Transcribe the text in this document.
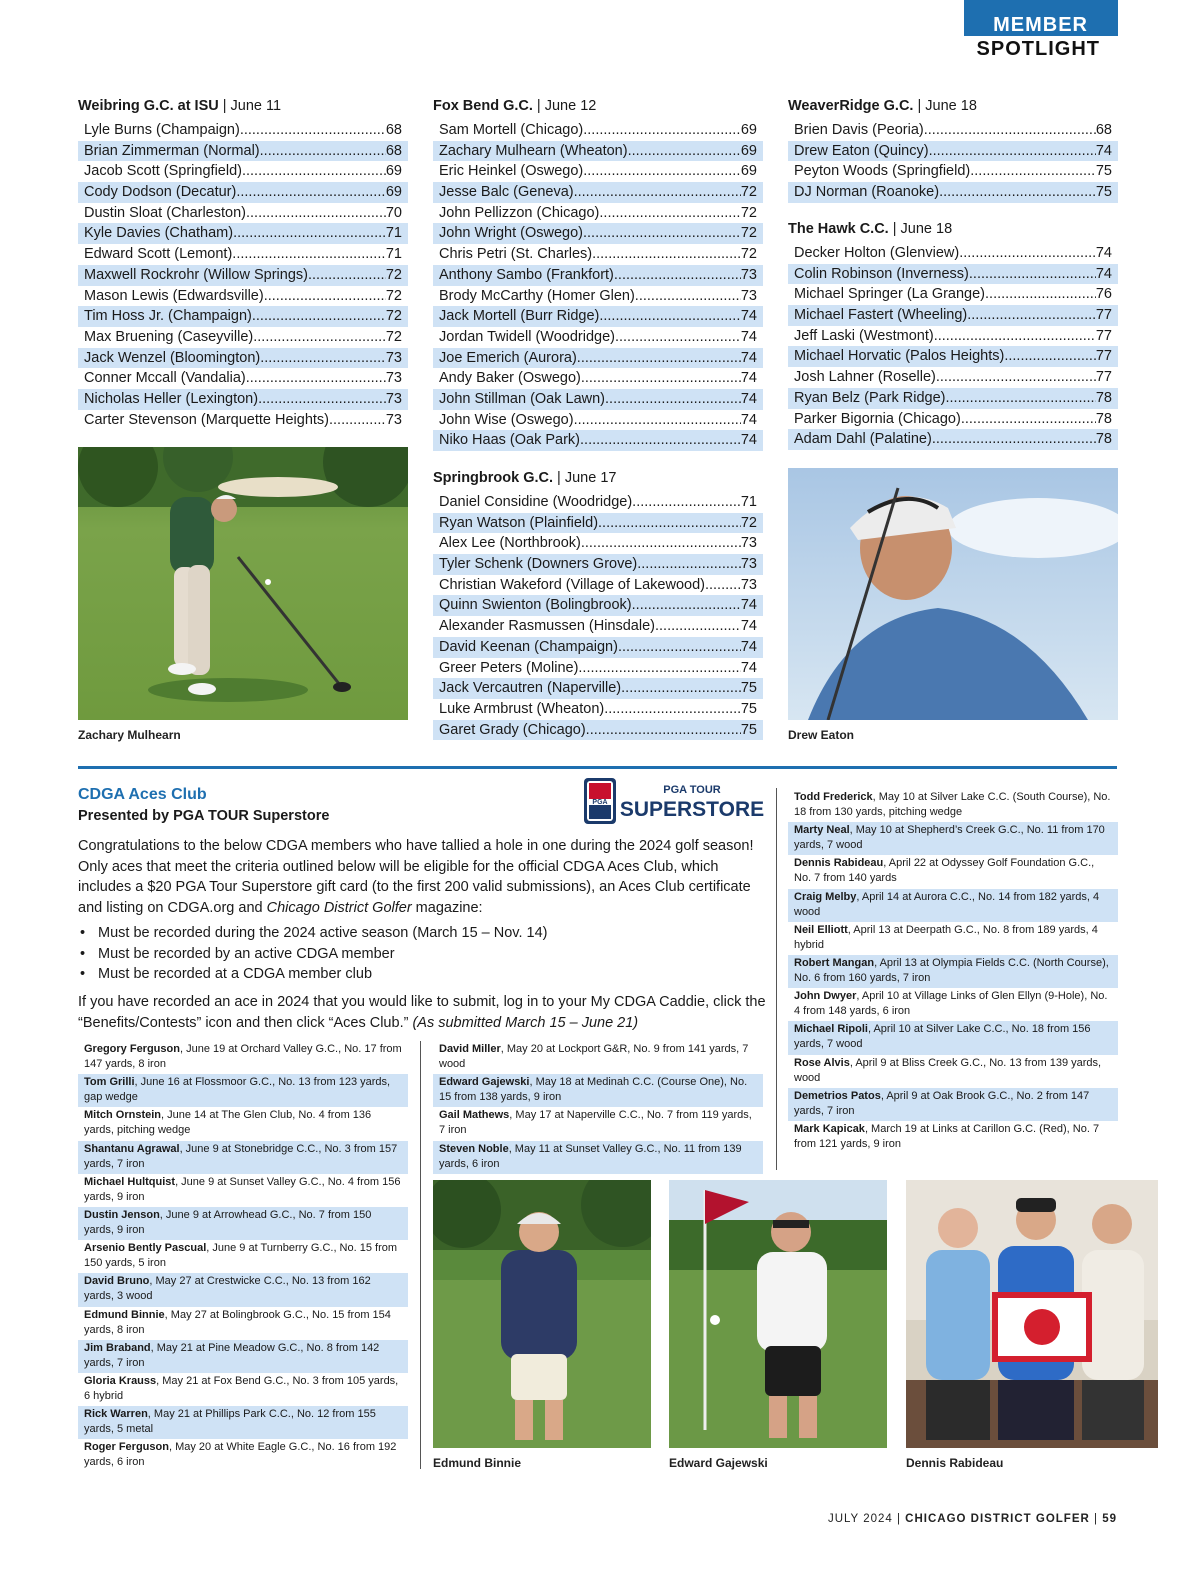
MEMBER
SPOTLIGHT
Weibring G.C. at ISU | June 11
Lyle Burns (Champaign) .....	68
Brian Zimmerman (Normal) .....	68
Jacob Scott (Springfield) .....	69
Cody Dodson (Decatur) .....	69
Dustin Sloat (Charleston) .....	70
Kyle Davies (Chatham) .....	71
Edward Scott (Lemont) .....	71
Maxwell Rockrohr (Willow Springs) .....	72
Mason Lewis (Edwardsville) .....	72
Tim Hoss Jr. (Champaign) .....	72
Max Bruening (Caseyville) .....	72
Jack Wenzel (Bloomington) .....	73
Conner Mccall (Vandalia) .....	73
Nicholas Heller (Lexington) .....	73
Carter Stevenson (Marquette Heights) .....	73
Fox Bend G.C. | June 12
Sam Mortell (Chicago) .....	69
Zachary Mulhearn (Wheaton) .....	69
Eric Heinkel (Oswego) .....	69
Jesse Balc (Geneva) .....	72
John Pellizzon (Chicago) .....	72
John Wright (Oswego) .....	72
Chris Petri (St. Charles) .....	72
Anthony Sambo (Frankfort) .....	73
Brody McCarthy (Homer Glen) .....	73
Jack Mortell (Burr Ridge) .....	74
Jordan Twidell (Woodridge) .....	74
Joe Emerich (Aurora) .....	74
Andy Baker (Oswego) .....	74
John Stillman (Oak Lawn) .....	74
John Wise (Oswego) .....	74
Niko Haas (Oak Park) .....	74
Springbrook G.C. | June 17
Daniel Considine (Woodridge) .....	71
Ryan Watson (Plainfield) .....	72
Alex Lee (Northbrook) .....	73
Tyler Schenk (Downers Grove) .....	73
Christian Wakeford (Village of Lakewood) ..... 73
Quinn Swienton (Bolingbrook) .....	74
Alexander Rasmussen (Hinsdale) .....	74
David Keenan (Champaign) .....	74
Greer Peters (Moline) .....	74
Jack Vercautren (Naperville) .....	75
Luke Armbrust (Wheaton) .....	75
Garet Grady (Chicago) .....	75
WeaverRidge G.C. | June 18
Brien Davis (Peoria) .....	68
Drew Eaton (Quincy) .....	74
Peyton Woods (Springfield) .....	75
DJ Norman (Roanoke) .....	75
The Hawk C.C. | June 18
Decker Holton (Glenview) .....	74
Colin Robinson (Inverness) .....	74
Michael Springer (La Grange) .....	76
Michael Fastert (Wheeling) .....	77
Jeff Laski (Westmont) .....	77
Michael Horvatic (Palos Heights) .....	77
Josh Lahner (Roselle) .....	77
Ryan Belz (Park Ridge) .....	78
Parker Bigornia (Chicago) .....	78
Adam Dahl (Palatine) .....	78
Zachary Mulhearn	Drew Eaton
CDGA Aces Club
Presented by PGA TOUR Superstore
PGA
PGA TOUR
SUPERSTORE
Congratulations to the below CDGA members who have tallied a hole in one during the 2024 golf season! Only aces that meet the criteria outlined below will be eligible for the official CDGA Aces Club, which includes a $20 PGA Tour Superstore gift card (to the first 200 valid submissions), an Aces Club certificate and listing on CDGA.org and Chicago District Golfer magazine:
• Must be recorded during the 2024 active season (March 15 – Nov. 14)
• Must be recorded by an active CDGA member
• Must be recorded at a CDGA member club
If you have recorded an ace in 2024 that you would like to submit, log in to your My CDGA Caddie, click the “Benefits/Contests” icon and then click “Aces Club.” (As submitted March 15 – June 21)
Gregory Ferguson, June 19 at Orchard Valley G.C., No. 17 from 147 yards, 8 iron
Tom Grilli, June 16 at Flossmoor G.C., No. 13 from 123 yards, gap wedge
Mitch Ornstein, June 14 at The Glen Club, No. 4 from 136 yards, pitching wedge
Shantanu Agrawal, June 9 at Stonebridge C.C., No. 3 from 157 yards, 7 iron
Michael Hultquist, June 9 at Sunset Valley G.C., No. 4 from 156 yards, 9 iron
Dustin Jenson, June 9 at Arrowhead G.C., No. 7 from 150 yards, 9 iron
Arsenio Bently Pascual, June 9 at Turnberry G.C., No. 15 from 150 yards, 5 iron
David Bruno, May 27 at Crestwicke C.C., No. 13 from 162 yards, 3 wood
Edmund Binnie, May 27 at Bolingbrook G.C., No. 15 from 154 yards, 8 iron
Jim Braband, May 21 at Pine Meadow G.C., No. 8 from 142 yards, 7 iron
Gloria Krauss, May 21 at Fox Bend G.C., No. 3 from 105 yards, 6 hybrid
Rick Warren, May 21 at Phillips Park C.C., No. 12 from 155 yards, 5 metal
Roger Ferguson, May 20 at White Eagle G.C., No. 16 from 192 yards, 6 iron
David Miller, May 20 at Lockport G&R, No. 9 from 141 yards, 7 wood
Edward Gajewski, May 18 at Medinah C.C. (Course One), No. 15 from 138 yards, 9 iron
Gail Mathews, May 17 at Naperville C.C., No. 7 from 119 yards, 7 iron
Steven Noble, May 11 at Sunset Valley G.C., No. 11 from 139 yards, 6 iron
Todd Frederick, May 10 at Silver Lake C.C. (South Course), No. 18 from 130 yards, pitching wedge
Marty Neal, May 10 at Shepherd’s Creek G.C., No. 11 from 170 yards, 7 wood
Dennis Rabideau, April 22 at Odyssey Golf Foundation G.C., No. 7 from 140 yards
Craig Melby, April 14 at Aurora C.C., No. 14 from 182 yards, 4 wood
Neil Elliott, April 13 at Deerpath G.C., No. 8 from 189 yards, 4 hybrid
Robert Mangan, April 13 at Olympia Fields C.C. (North Course), No. 6 from 160 yards, 7 iron
John Dwyer, April 10 at Village Links of Glen Ellyn (9-Hole), No. 4 from 148 yards, 6 iron
Michael Ripoli, April 10 at Silver Lake C.C., No. 18 from 156 yards, 7 wood
Rose Alvis, April 9 at Bliss Creek G.C., No. 13 from 139 yards, wood
Demetrios Patos, April 9 at Oak Brook G.C., No. 2 from 147 yards, 7 iron
Mark Kapicak, March 19 at Links at Carillon G.C. (Red), No. 7 from 121 yards, 9 iron
Edmund Binnie	Edward Gajewski	Dennis Rabideau
JULY 2024 | CHICAGO DISTRICT GOLFER | 59
